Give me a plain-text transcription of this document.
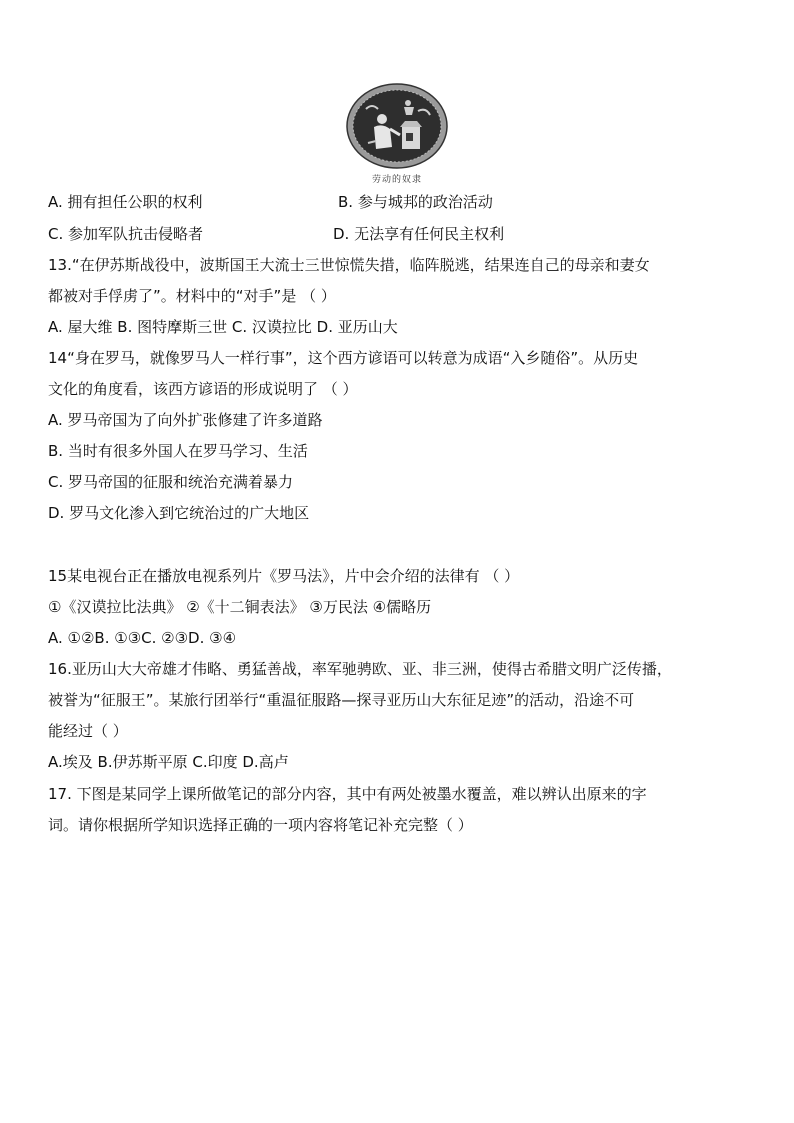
劳动的奴隶
A. 拥有担任公职的权利	B. 参与城邦的政治活动
C. 参加军队抗击侵略者	D. 无法享有任何民主权利
13.“在伊苏斯战役中，波斯国王大流士三世惊慌失措，临阵脱逃，结果连自己的母亲和妻女
都被对手俘虏了”。材料中的“对手”是 （ ）
A. 屋大维 B. 图特摩斯三世 C. 汉谟拉比 D. 亚历山大
14“身在罗马，就像罗马人一样行事”，这个西方谚语可以转意为成语“入乡随俗”。从历史
文化的角度看，该西方谚语的形成说明了 （ ）
A. 罗马帝国为了向外扩张修建了许多道路
B. 当时有很多外国人在罗马学习、生活
C. 罗马帝国的征服和统治充满着暴力
D. 罗马文化渗入到它统治过的广大地区
15某电视台正在播放电视系列片《罗马法》，片中会介绍的法律有 （ ）
①《汉谟拉比法典》 ②《十二铜表法》 ③万民法 ④儒略历
A. ①②B. ①③C. ②③D. ③④
16.亚历山大大帝雄才伟略、勇猛善战，率军驰骋欧、亚、非三洲，使得古希腊文明广泛传播，
被誉为“征服王”。某旅行团举行“重温征服路—探寻亚历山大东征足迹”的活动，沿途不可
能经过（ ）
A.埃及 B.伊苏斯平原 C.印度 D.高卢
17. 下图是某同学上课所做笔记的部分内容，其中有两处被墨水覆盖，难以辨认出原来的字
词。请你根据所学知识选择正确的一项内容将笔记补充完整（ ）
